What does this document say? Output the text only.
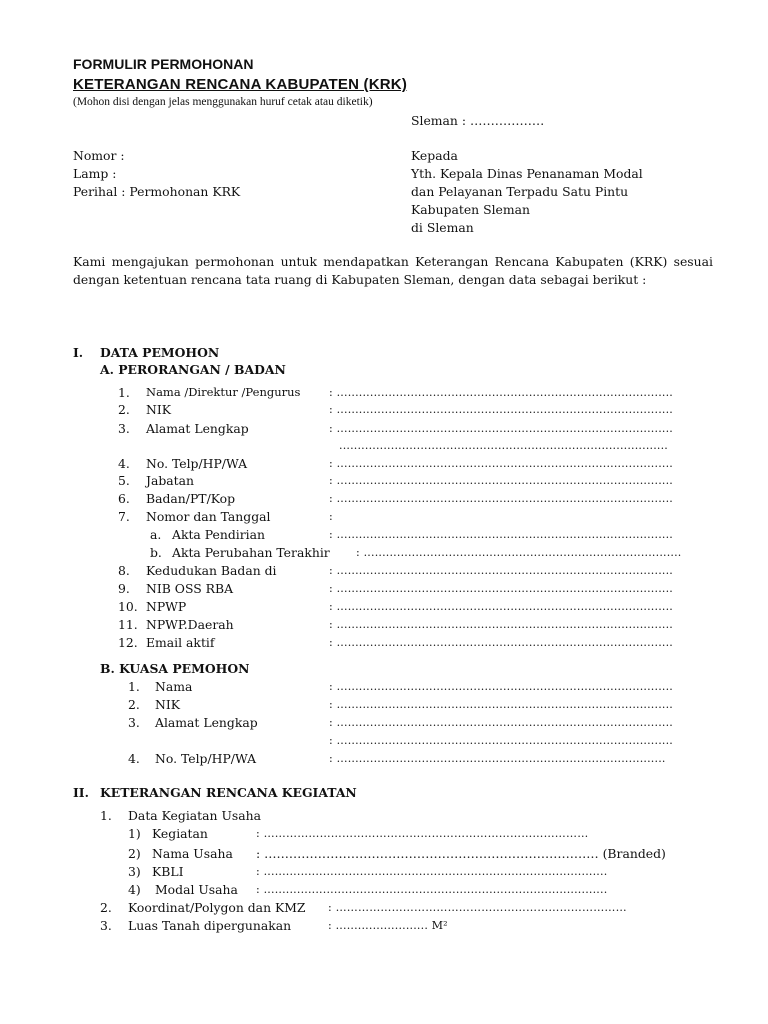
FORMULIR PERMOHONAN
KETERANGAN RENCANA KABUPATEN (KRK)
(Mohon disi dengan jelas menggunakan huruf cetak atau diketik)
Sleman : ………………
Nomor :
Lamp :
Perihal : Permohonan KRK
Kepada
Yth. Kepala Dinas Penanaman Modal
dan Pelayanan Terpadu Satu Pintu
Kabupaten Sleman
di Sleman
Kami mengajukan permohonan untuk mendapatkan Keterangan Rencana Kabupaten (KRK) sesuai dengan ketentuan rencana tata ruang di Kabupaten Sleman, dengan data sebagai berikut :
I. DATA PEMOHON
A. PERORANGAN / BADAN
1. Nama /Direktur /Pengurus	: ...........................................................................................
2. NIK	: ...........................................................................................
3. Alamat Lengkap	: ...........................................................................................
.........................................................................................
4. No. Telp/HP/WA	: ...........................................................................................
5. Jabatan	: ...........................................................................................
6. Badan/PT/Kop	: ...........................................................................................
7. Nomor dan Tanggal	:
a. Akta Pendirian	: ...........................................................................................
b. Akta Perubahan Terakhir : ......................................................................................
8. Kedudukan Badan di	: ...........................................................................................
9. NIB OSS RBA	: ...........................................................................................
10. NPWP	: ...........................................................................................
11. NPWP.Daerah	: ...........................................................................................
12. Email aktif	: ...........................................................................................
B. KUASA PEMOHON
1. Nama	: ...........................................................................................
2. NIK	: ...........................................................................................
3. Alamat Lengkap	: ...........................................................................................
: ...........................................................................................
4. No. Telp/HP/WA	: .........................................................................................
II. KETERANGAN RENCANA KEGIATAN
1. Data Kegiatan Usaha
1) Kegiatan	: ……………………………………………………………………………
2) Nama Usaha : ……………………………………………………………………… (Branded)
3) KBLI	: .............................................................................................
4) Modal Usaha : .............................................................................................
2. Koordinat/Polygon dan KMZ : ……………………………………………………………………
3. Luas Tanah dipergunakan	: ......................... M²
